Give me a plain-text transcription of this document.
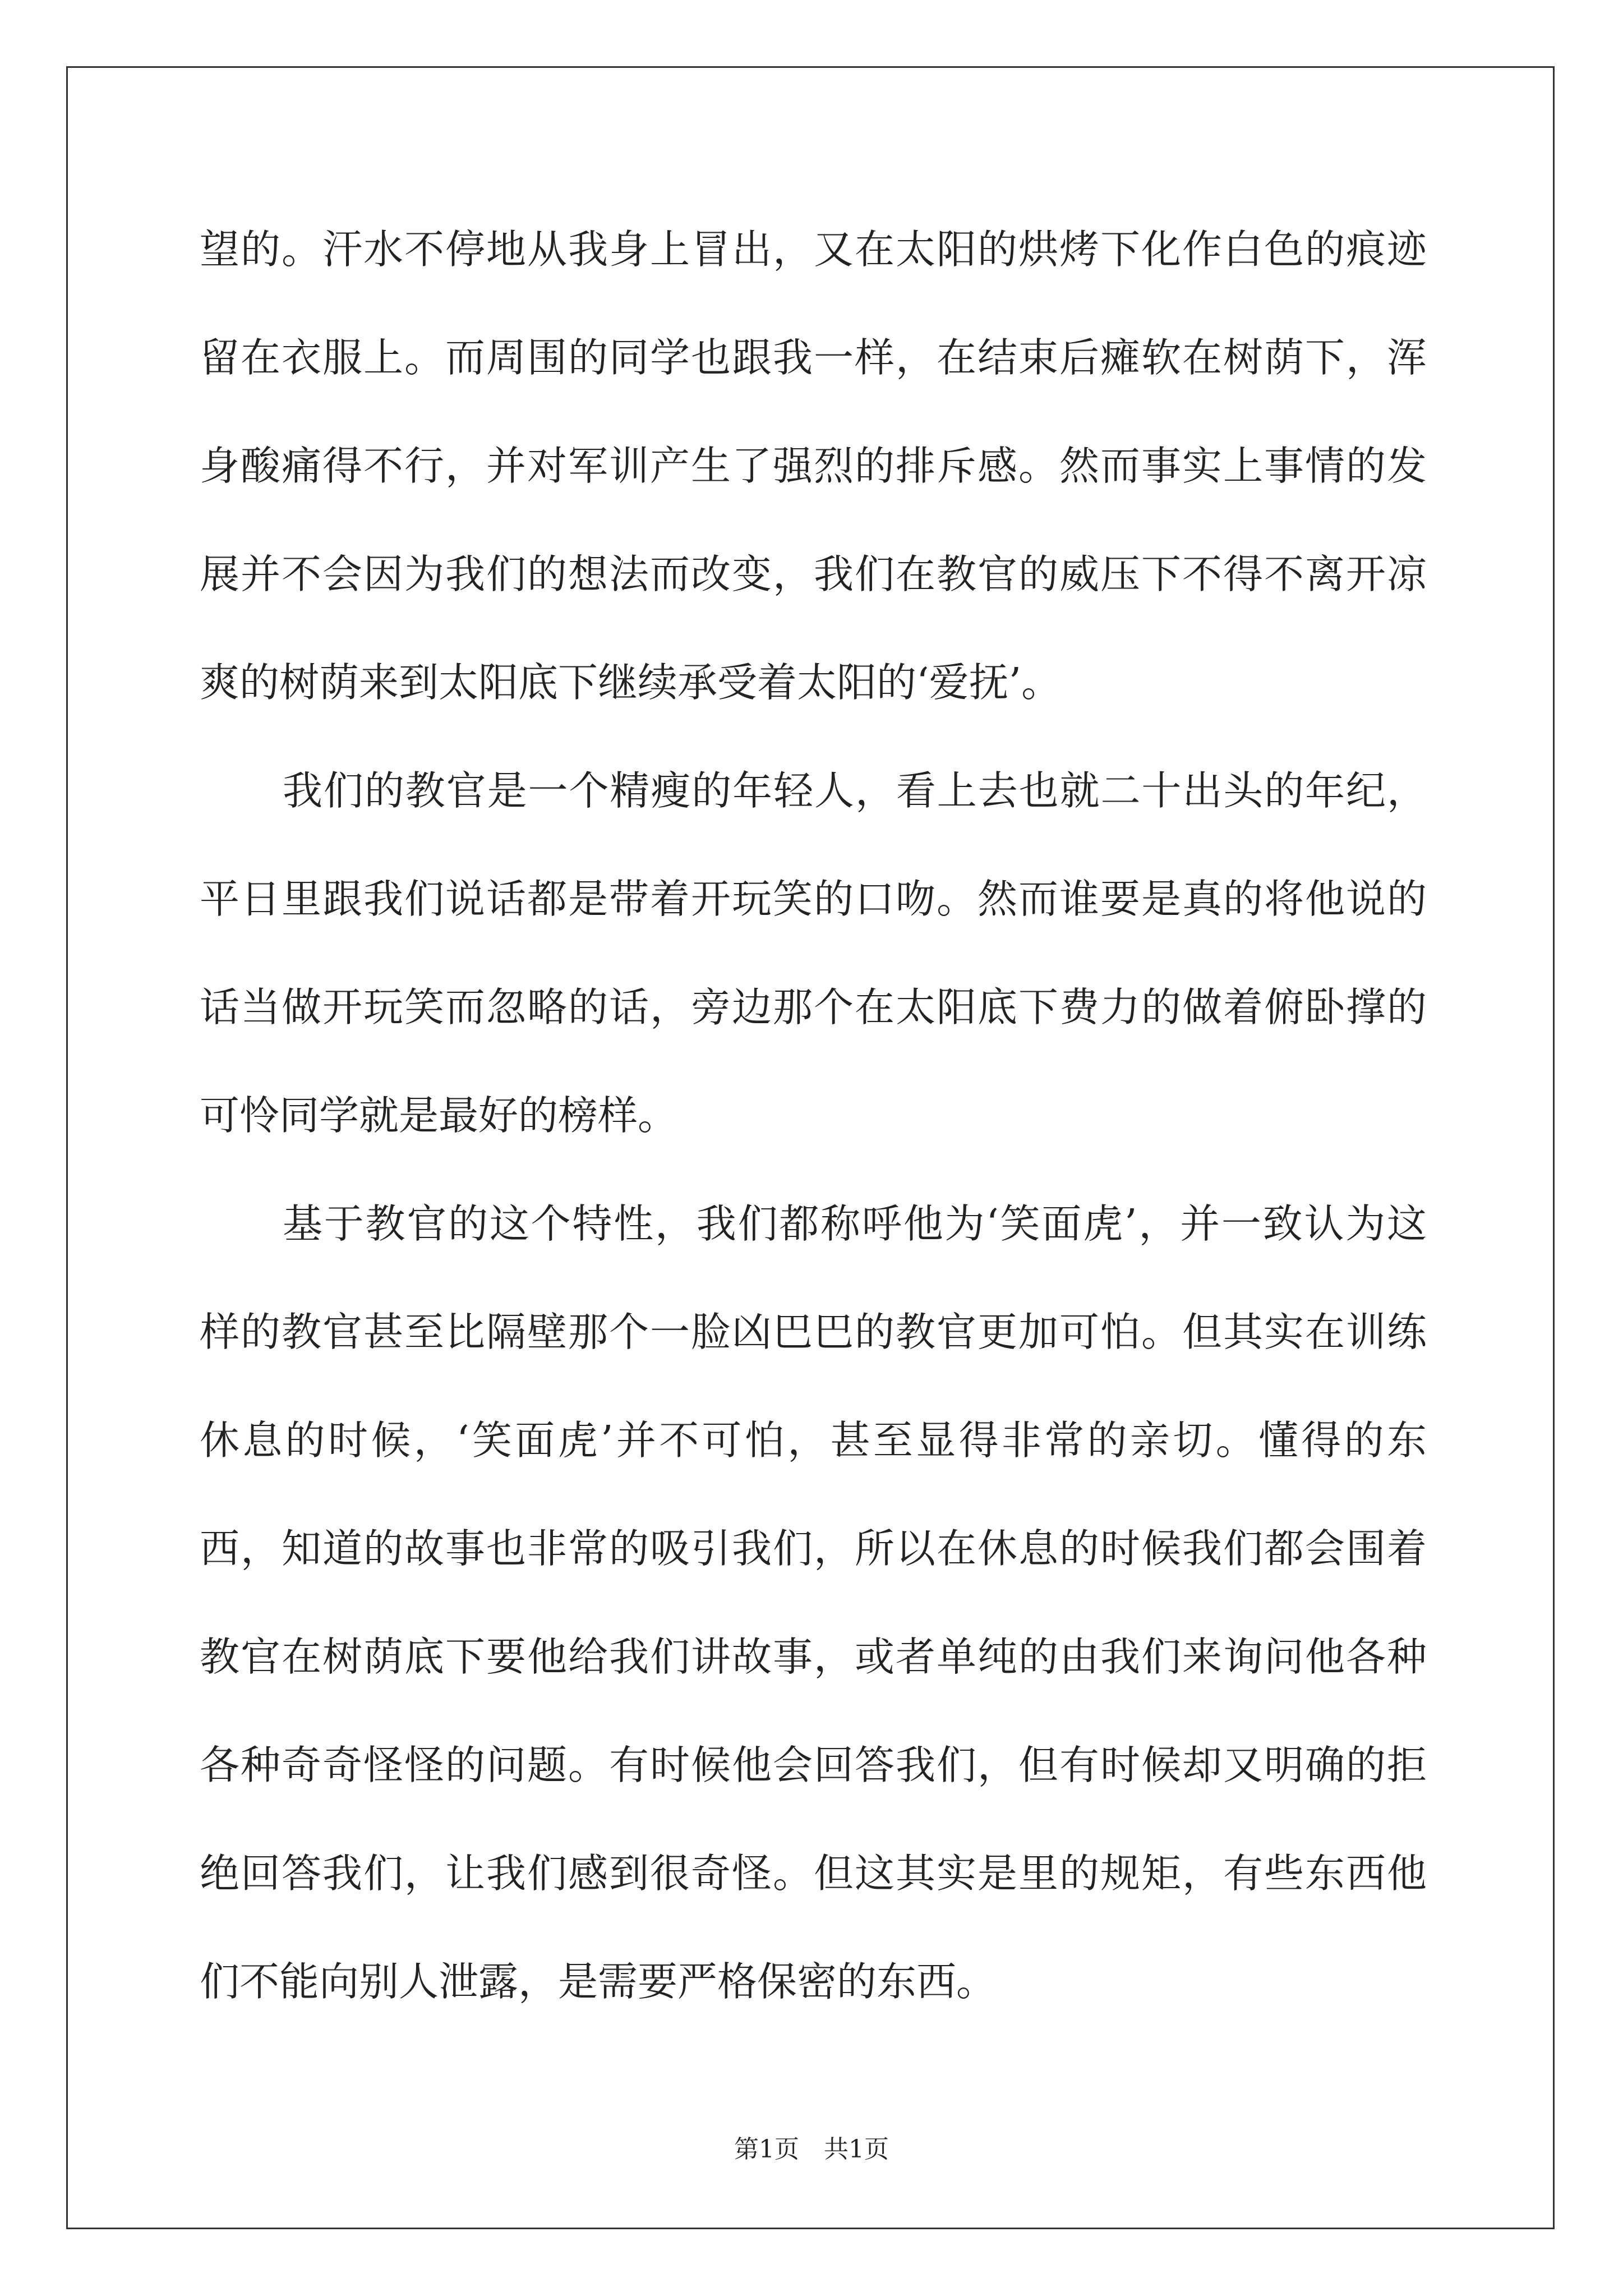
望的。汗水不停地从我身上冒出，又在太阳的烘烤下化作白色的痕迹
留在衣服上。而周围的同学也跟我一样，在结束后瘫软在树荫下，浑
身酸痛得不行，并对军训产生了强烈的排斥感。然而事实上事情的发
展并不会因为我们的想法而改变，我们在教官的威压下不得不离开凉
爽的树荫来到太阳底下继续承受着太阳的‘爱抚’。
我们的教官是一个精瘦的年轻人，看上去也就二十出头的年纪，
平日里跟我们说话都是带着开玩笑的口吻。然而谁要是真的将他说的
话当做开玩笑而忽略的话，旁边那个在太阳底下费力的做着俯卧撑的
可怜同学就是最好的榜样。
基于教官的这个特性，我们都称呼他为‘笑面虎’，并一致认为这
样的教官甚至比隔壁那个一脸凶巴巴的教官更加可怕。但其实在训练
休息的时候，‘笑面虎’并不可怕，甚至显得非常的亲切。懂得的东
西，知道的故事也非常的吸引我们，所以在休息的时候我们都会围着
教官在树荫底下要他给我们讲故事，或者单纯的由我们来询问他各种
各种奇奇怪怪的问题。有时候他会回答我们，但有时候却又明确的拒
绝回答我们，让我们感到很奇怪。但这其实是里的规矩，有些东西他
们不能向别人泄露，是需要严格保密的东西。
第1页　共1页
